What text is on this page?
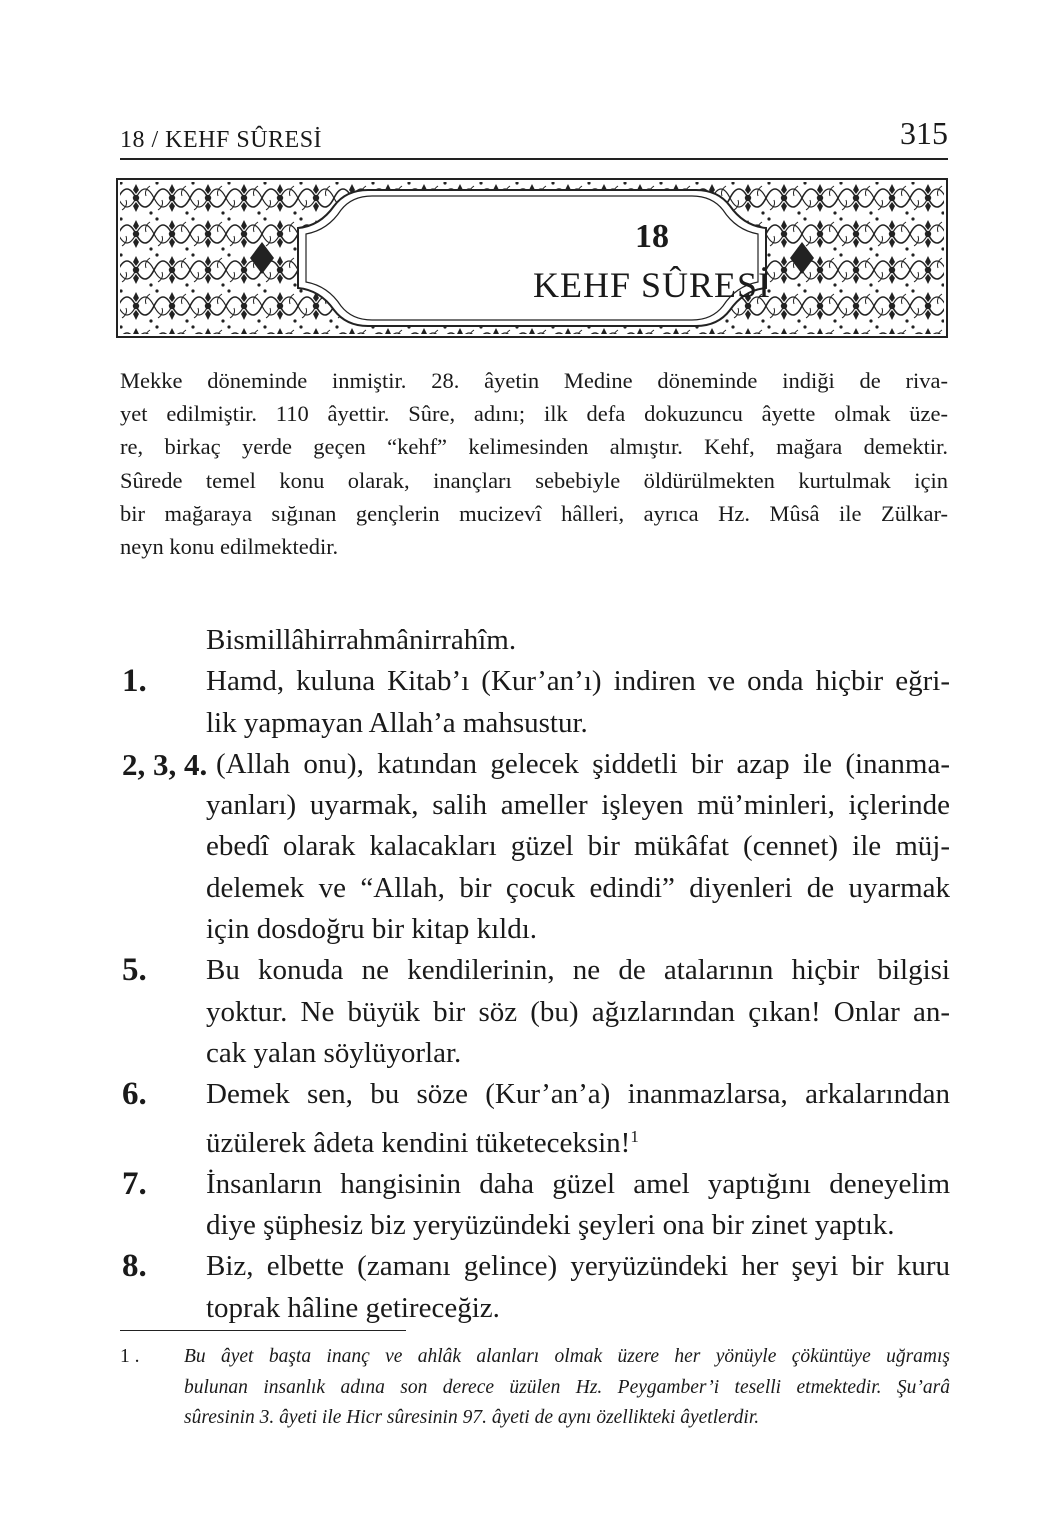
18 / KEHF SÛRESİ	315
18
KEHF SÛRESİ
Mekke döneminde inmiştir. 28. âyetin Medine döneminde indiği de riva-
yet edilmiştir. 110 âyettir. Sûre, adını; ilk defa dokuzuncu âyette olmak üze-
re, birkaç yerde geçen “kehf” kelimesinden almıştır. Kehf, mağara demektir.
Sûrede temel konu olarak, inançları sebebiyle öldürülmekten kurtulmak için
bir mağaraya sığınan gençlerin mucizevî hâlleri, ayrıca Hz. Mûsâ ile Zülkar-
neyn konu edilmektedir.
Bismillâhirrahmânirrahîm.
1. Hamd, kuluna Kitab’ı (Kur’an’ı) indiren ve onda hiçbir eğri-
lik yapmayan Allah’a mahsustur.
2, 3, 4. (Allah onu), katından gelecek şiddetli bir azap ile (inanma-
yanları) uyarmak, salih ameller işleyen mü’minleri, içlerinde
ebedî olarak kalacakları güzel bir mükâfat (cennet) ile müj-
delemek ve “Allah, bir çocuk edindi” diyenleri de uyarmak
için dosdoğru bir kitap kıldı.
5. Bu konuda ne kendilerinin, ne de atalarının hiçbir bilgisi
yoktur. Ne büyük bir söz (bu) ağızlarından çıkan! Onlar an-
cak yalan söylüyorlar.
6. Demek sen, bu söze (Kur’an’a) inanmazlarsa, arkalarından
üzülerek âdeta kendini tüketeceksin!$^1$
7. İnsanların hangisinin daha güzel amel yaptığını deneyelim
diye şüphesiz biz yeryüzündeki şeyleri ona bir zinet yaptık.
8. Biz, elbette (zamanı gelince) yeryüzündeki her şeyi bir kuru
toprak hâline getireceğiz.
1 . Bu âyet başta inanç ve ahlâk alanları olmak üzere her yönüyle çöküntüye uğramış
bulunan insanlık adına son derece üzülen Hz. Peygamber’i teselli etmektedir. Şu’arâ
sûresinin 3. âyeti ile Hicr sûresinin 97. âyeti de aynı özellikteki âyetlerdir.
